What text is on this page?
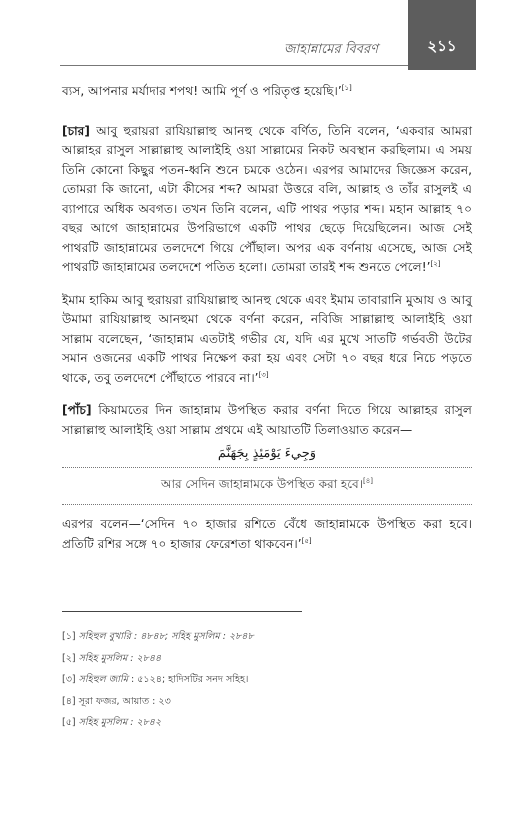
জাহান্নামের বিবরণ	২১১

ব্যস, আপনার মর্যাদার শপথ! আমি পূর্ণ ও পরিতৃপ্ত হয়েছি।’[১]

[চার] আবু হুরায়রা রাযিয়াল্লাহু আনহু থেকে বর্ণিত, তিনি বলেন, ‘একবার আমরা আল্লাহর রাসুল সাল্লাল্লাহু আলাইহি ওয়া সাল্লামের নিকট অবস্থান করছিলাম। এ সময় তিনি কোনো কিছুর পতন-ধ্বনি শুনে চমকে ওঠেন। এরপর আমাদের জিজ্ঞেস করেন, তোমরা কি জানো, এটা কীসের শব্দ? আমরা উত্তরে বলি, আল্লাহ ও তাঁর রাসুলই এ ব্যাপারে অধিক অবগত। তখন তিনি বলেন, এটি পাথর পড়ার শব্দ। মহান আল্লাহ ৭০ বছর আগে জাহান্নামের উপরিভাগে একটি পাথর ছেড়ে দিয়েছিলেন। আজ সেই পাথরটি জাহান্নামের তলদেশে গিয়ে পৌঁছাল। অপর এক বর্ণনায় এসেছে, আজ সেই পাথরটি জাহান্নামের তলদেশে পতিত হলো। তোমরা তারই শব্দ শুনতে পেলে!’[২]

ইমাম হাকিম আবু হুরায়রা রাযিয়াল্লাহু আনহু থেকে এবং ইমাম তাবারানি মুআয ও আবু উমামা রাযিয়াল্লাহু আনহুমা থেকে বর্ণনা করেন, নবিজি সাল্লাল্লাহু আলাইহি ওয়া সাল্লাম বলেছেন, ‘জাহান্নাম এতটাই গভীর যে, যদি এর মুখে সাতটি গর্ভবতী উটের সমান ওজনের একটি পাথর নিক্ষেপ করা হয় এবং সেটা ৭০ বছর ধরে নিচে পড়তে থাকে, তবু তলদেশে পৌঁছাতে পারবে না।’[৩]

[পাঁচ] কিয়ামতের দিন জাহান্নাম উপস্থিত করার বর্ণনা দিতে গিয়ে আল্লাহর রাসুল সাল্লাল্লাহু আলাইহি ওয়া সাল্লাম প্রথমে এই আয়াতটি তিলাওয়াত করেন—

وَجِيءَ يَوْمَئِذٍ بِجَهَنَّمَ
আর সেদিন জাহান্নামকে উপস্থিত করা হবে।[৪]

এরপর বলেন—‘সেদিন ৭০ হাজার রশিতে বেঁধে জাহান্নামকে উপস্থিত করা হবে। প্রতিটি রশির সঙ্গে ৭০ হাজার ফেরেশতা থাকবেন।’[৫]

[১] সহিহুল বুখারি : ৪৮৪৮; সহিহ মুসলিম : ২৮৪৮
[২] সহিহ মুসলিম : ২৮৪৪
[৩] সহিহুল জামি : ৫১২৪; হাদিসটির সনদ সহিহ।
[৪] সূরা ফজর, আয়াত : ২৩
[৫] সহিহ মুসলিম : ২৮৪২
